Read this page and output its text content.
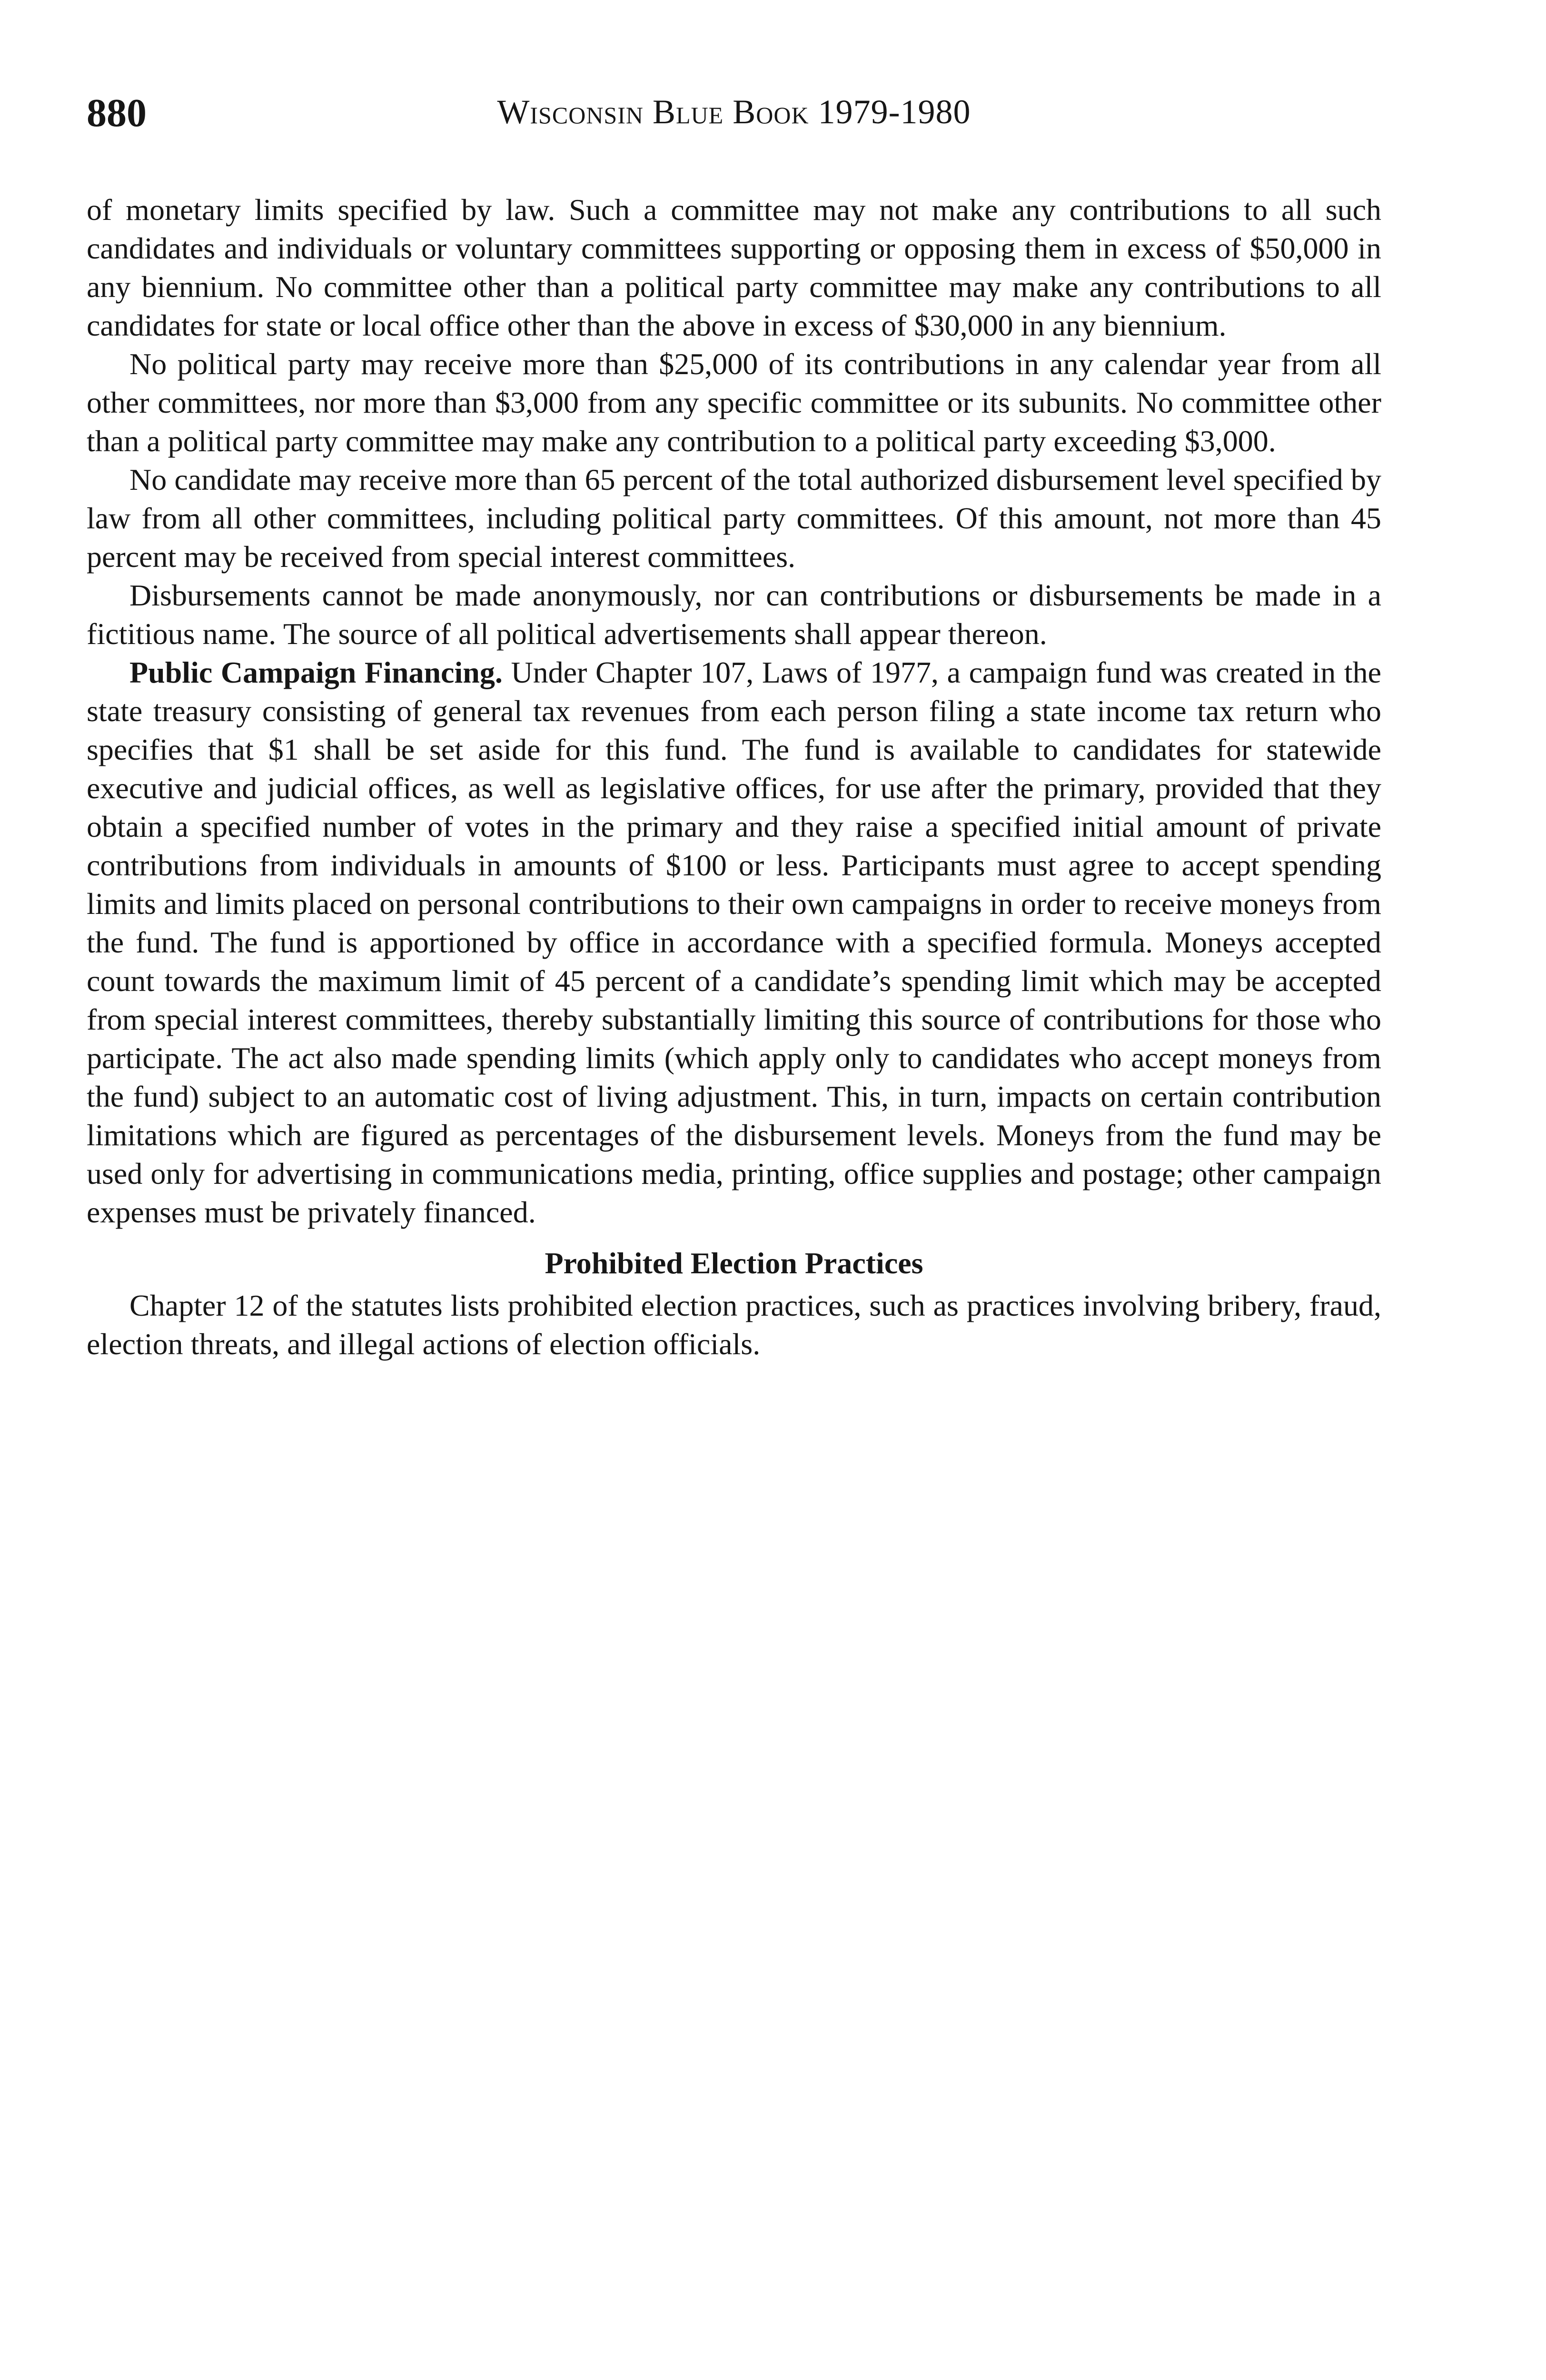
880	Wisconsin Blue Book 1979-1980

of monetary limits specified by law. Such a committee may not make any contributions to all such candidates and individuals or voluntary committees supporting or opposing them in excess of $50,000 in any biennium. No committee other than a political party committee may make any contributions to all candidates for state or local office other than the above in excess of $30,000 in any biennium.

No political party may receive more than $25,000 of its contributions in any calendar year from all other committees, nor more than $3,000 from any specific committee or its subunits. No committee other than a political party committee may make any contribution to a political party exceeding $3,000.

No candidate may receive more than 65 percent of the total authorized disbursement level specified by law from all other committees, including political party committees. Of this amount, not more than 45 percent may be received from special interest committees.

Disbursements cannot be made anonymously, nor can contributions or disbursements be made in a fictitious name. The source of all political advertisements shall appear thereon.

Public Campaign Financing. Under Chapter 107, Laws of 1977, a campaign fund was created in the state treasury consisting of general tax revenues from each person filing a state income tax return who specifies that $1 shall be set aside for this fund. The fund is available to candidates for statewide executive and judicial offices, as well as legislative offices, for use after the primary, provided that they obtain a specified number of votes in the primary and they raise a specified initial amount of private contributions from individuals in amounts of $100 or less. Participants must agree to accept spending limits and limits placed on personal contributions to their own campaigns in order to receive moneys from the fund. The fund is apportioned by office in accordance with a specified formula. Moneys accepted count towards the maximum limit of 45 percent of a candidate’s spending limit which may be accepted from special interest committees, thereby substantially limiting this source of contributions for those who participate. The act also made spending limits (which apply only to candidates who accept moneys from the fund) subject to an automatic cost of living adjustment. This, in turn, impacts on certain contribution limitations which are figured as percentages of the disbursement levels. Moneys from the fund may be used only for advertising in communications media, printing, office supplies and postage; other campaign expenses must be privately financed.

Prohibited Election Practices

Chapter 12 of the statutes lists prohibited election practices, such as practices involving bribery, fraud, election threats, and illegal actions of election officials.
